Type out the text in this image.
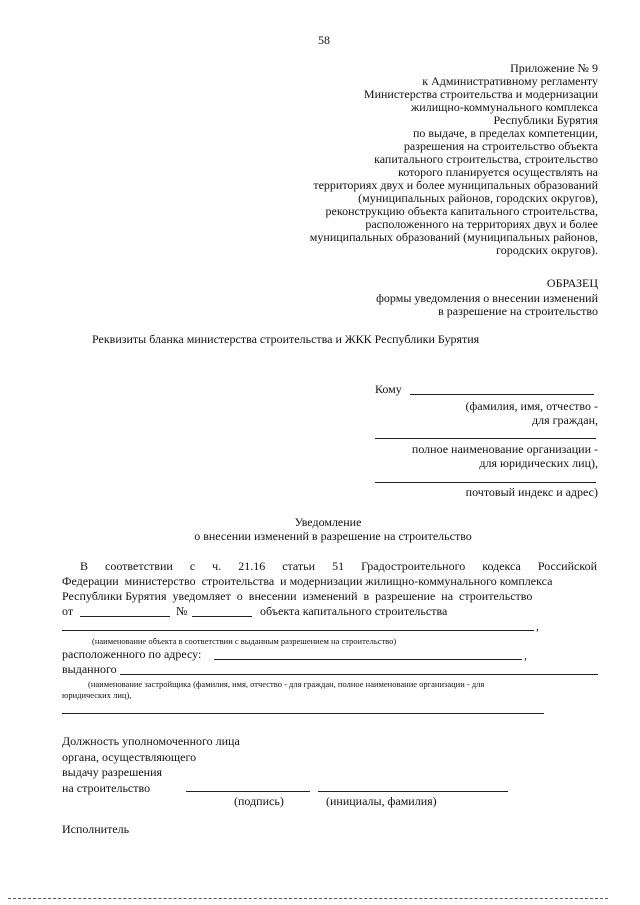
58
Приложение № 9
к Административному регламенту
Министерства строительства и модернизации
жилищно-коммунального комплекса
Республики Бурятия
по выдаче, в пределах компетенции,
разрешения на строительство объекта
капитального строительства, строительство
которого планируется осуществлять на
территориях двух и более муниципальных образований
(муниципальных районов, городских округов),
реконструкцию объекта капитального строительства,
расположенного на территориях двух и более
муниципальных образований (муниципальных районов,
городских округов).
ОБРАЗЕЦ
формы уведомления о внесении изменений
в разрешение на строительство
Реквизиты бланка министерства строительства и ЖКК Республики Бурятия
Кому
(фамилия, имя, отчество -
для граждан,
полное наименование организации -
для юридических лиц),
почтовый индекс и адрес)
Уведомление
о внесении изменений в разрешение на строительство
В соответствии с ч. 21.16 статьи 51 Градостроительного кодекса Российской
Федерации  министерство  строительства  и модернизации жилищно-коммунального комплекса
Республики Бурятия  уведомляет  о  внесении  изменений  в  разрешение  на  строительство
от	№	объекта капитального строительства
,
(наименование объекта в соответствии с выданным разрешением на строительство)
расположенного по адресу:	,
выданного
(наименование застройщика (фамилия, имя, отчество - для граждан, полное наименование организации - для
юридических лиц),
Должность уполномоченного лица
органа, осуществляющего
выдачу разрешения
на строительство
(подпись)	(инициалы, фамилия)
Исполнитель
